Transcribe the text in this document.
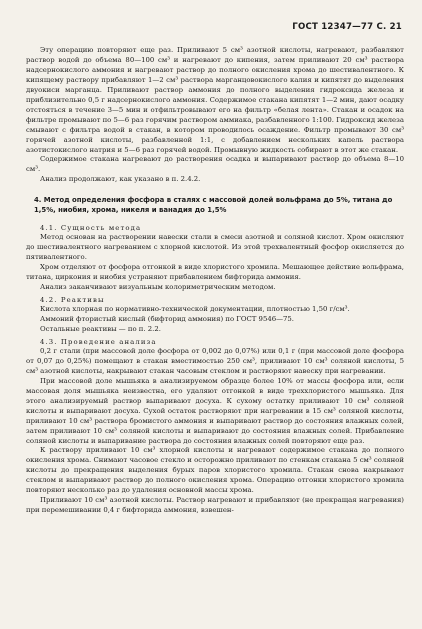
ГОСТ 12347—77 С. 21

Эту операцию повторяют еще раз. Приливают 5 см³ азотной кислоты, нагревают, разбавляют раствор водой до объема 80—100 см³ и нагревают до кипения, затем приливают 20 см³ раствора надсернокислого аммония и нагревают раствор до полного окисления хрома до шестивалентного. К кипящему раствору прибавляют 1—2 см³ раствора марганцовокислого калия и кипятят до выделения двуокиси марганца. Приливают раствор аммония до полного выделения гидроксида железа и приблизительно 0,5 г надсернокислого аммония. Содержимое стакана кипятят 1—2 мин, дают осадку отстояться в течение 3—5 мин и отфильтровывают его на фильтр «белая лента». Стакан и осадок на фильтре промывают по 5—6 раз горячим раствором аммиака, разбавленного 1:100. Гидроксид железа смывают с фильтра водой в стакан, в котором проводилось осаждение. Фильтр промывают 30 см³ горячей азотной кислоты, разбавленной 1:1, с добавлением нескольких капель раствора азотистокислого натрия и 5—6 раз горячей водой. Промывную жидкость собирают в этот же стакан.

Содержимое стакана нагревают до растворения осадка и выпаривают раствор до объема 8—10 см³.

Анализ продолжают, как указано в п. 2.4.2.

4. Метод определения фосфора в сталях с массовой долей вольфрама до 5%, титана до 1,5%, ниобия, хрома, никеля и ванадия до 1,5%
4.1. Сущность метода

Метод основан на растворении навески стали в смеси азотной и соляной кислот. Хром окисляют до шестивалентного нагреванием с хлорной кислотой. Из этой трехвалентный фосфор окисляется до пятивалентного.

Хром отделяют от фосфора отгонкой в виде хлористого хромила. Мешающее действие вольфрама, титана, циркония и ниобия устраняют прибавлением бифторида аммония.

Анализ заканчивают визуальным колориметрическим методом.

4.2. Реактивы

Кислота хлорная по нормативно-технической документации, плотностью 1,50 г/см³.

Аммоний фтористый кислый (бифторид аммония) по ГОСТ 9546—75.

Остальные реактивы — по п. 2.2.

4.3. Проведение анализа

0,2 г стали (при массовой доле фосфора от 0,002 до 0,07%) или 0,1 г (при массовой доле фосфора от 0,07 до 0,25%) помещают в стакан вместимостью 250 см³, приливают 10 см³ соляной кислоты, 5 см³ азотной кислоты, накрывают стакан часовым стеклом и растворяют навеску при нагревании.

При массовой доле мышьяка в анализируемом образце более 10% от массы фосфора или, если массовая доля мышьяка неизвестна, его удаляют отгонкой в виде треххлористого мышьяка. Для этого анализируемый раствор выпаривают досуха. К сухому остатку приливают 10 см³ соляной кислоты и выпаривают досуха. Сухой остаток растворяют при нагревании в 15 см³ соляной кислоты, приливают 10 см³ раствора бромистого аммония и выпаривают раствор до состояния влажных солей, затем приливают 10 см³ соляной кислоты и выпаривают до состояния влажных солей. Прибавление соляной кислоты и выпаривание раствора до состояния влажных солей повторяют еще раз.

К раствору приливают 10 см³ хлорной кислоты и нагревают содержимое стакана до полного окисления хрома. Снимают часовое стекло и осторожно приливают по стенкам стакана 5 см³ соляной кислоты до прекращения выделения бурых паров хлористого хромила. Стакан снова накрывают стеклом и выпаривают раствор до полного окисления хрома. Операцию отгонки хлористого хромила повторяют несколько раз до удаления основной массы хрома.

Приливают 10 см³ азотной кислоты. Раствор нагревают и прибавляют (не прекращая нагревания) при перемешивании 0,4 г бифторида аммония, взвешен-
